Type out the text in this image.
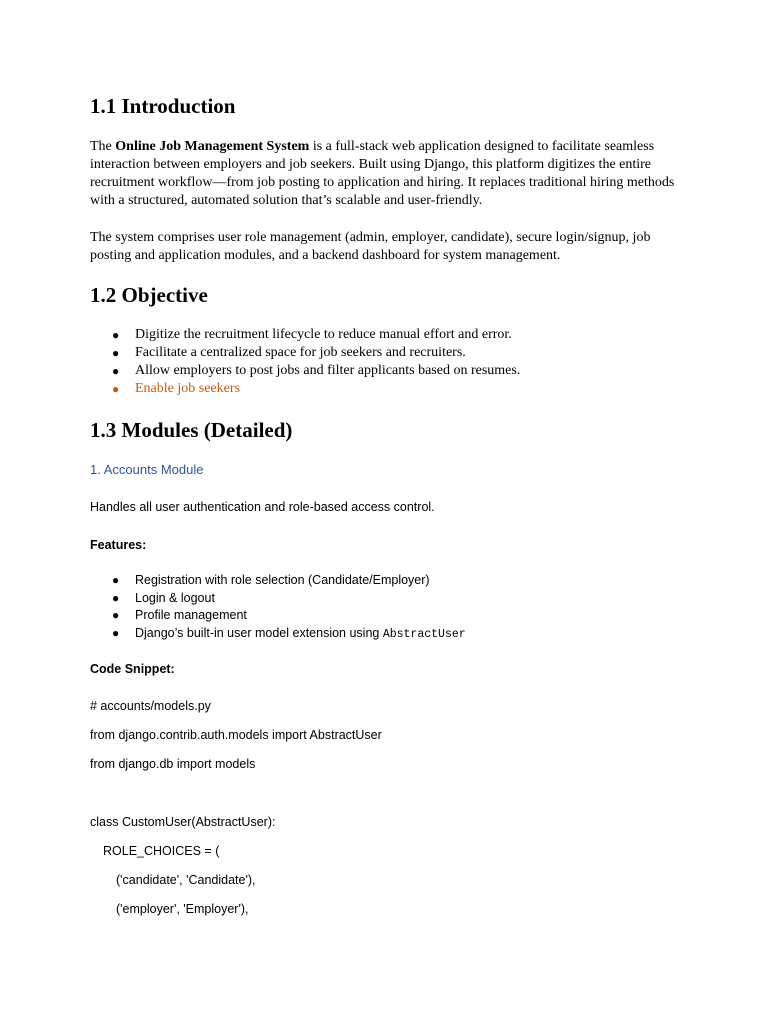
1.1 Introduction

The Online Job Management System is a full-stack web application designed to facilitate seamless interaction between employers and job seekers. Built using Django, this platform digitizes the entire recruitment workflow—from job posting to application and hiring. It replaces traditional hiring methods with a structured, automated solution that’s scalable and user-friendly.

The system comprises user role management (admin, employer, candidate), secure login/signup, job posting and application modules, and a backend dashboard for system management.

1.2 Objective
● Digitize the recruitment lifecycle to reduce manual effort and error.
● Facilitate a centralized space for job seekers and recruiters.
● Allow employers to post jobs and filter applicants based on resumes.
● Enable job seekers
1.3 Modules (Detailed)
1. Accounts Module

Handles all user authentication and role-based access control.

Features:

● Registration with role selection (Candidate/Employer)
● Login & logout
● Profile management
● Django’s built-in user model extension using AbstractUser

Code Snippet:

# accounts/models.py

from django.contrib.auth.models import AbstractUser

from django.db import models

class CustomUser(AbstractUser):

ROLE_CHOICES = (

('candidate', 'Candidate'),

('employer', 'Employer'),
